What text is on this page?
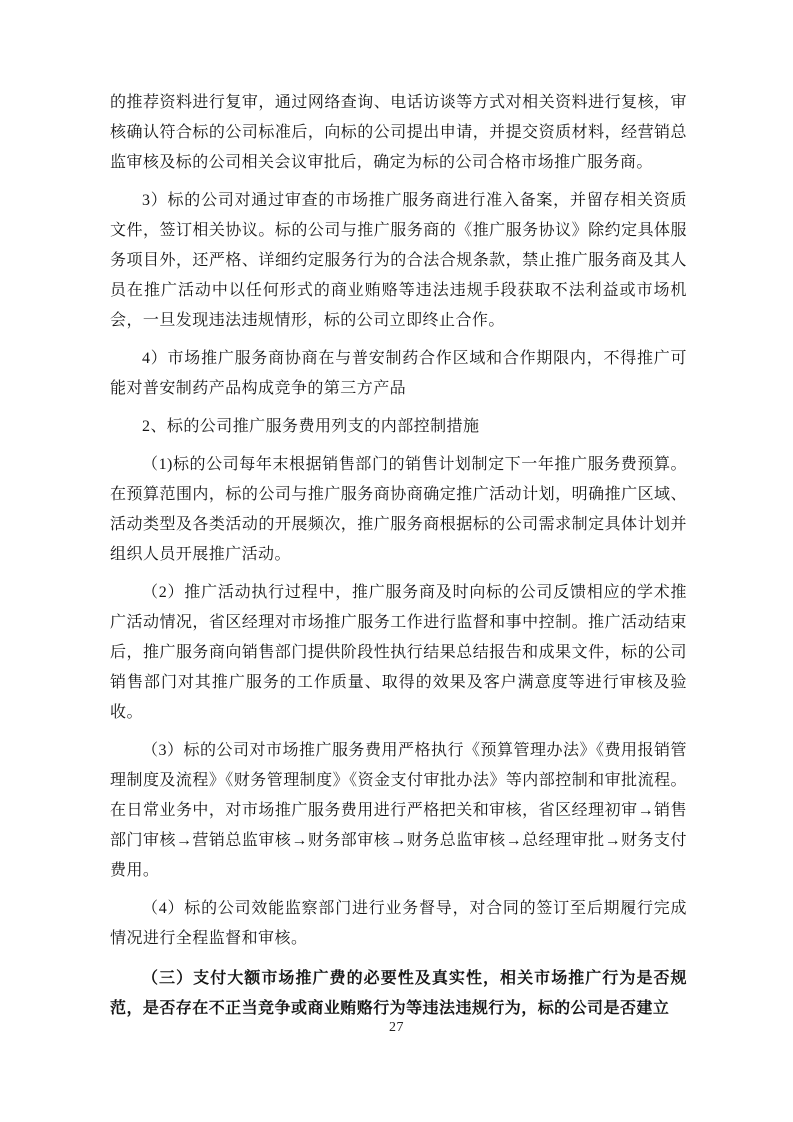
的推荐资料进行复审，通过网络查询、电话访谈等方式对相关资料进行复核，审核确认符合标的公司标准后，向标的公司提出申请，并提交资质材料，经营销总监审核及标的公司相关会议审批后，确定为标的公司合格市场推广服务商。

3）标的公司对通过审查的市场推广服务商进行准入备案，并留存相关资质文件，签订相关协议。标的公司与推广服务商的《推广服务协议》除约定具体服务项目外，还严格、详细约定服务行为的合法合规条款，禁止推广服务商及其人员在推广活动中以任何形式的商业贿赂等违法违规手段获取不法利益或市场机会，一旦发现违法违规情形，标的公司立即终止合作。

4）市场推广服务商协商在与普安制药合作区域和合作期限内，不得推广可能对普安制药产品构成竞争的第三方产品

2、标的公司推广服务费用列支的内部控制措施

（1)标的公司每年末根据销售部门的销售计划制定下一年推广服务费预算。在预算范围内，标的公司与推广服务商协商确定推广活动计划，明确推广区域、活动类型及各类活动的开展频次，推广服务商根据标的公司需求制定具体计划并组织人员开展推广活动。

（2）推广活动执行过程中，推广服务商及时向标的公司反馈相应的学术推广活动情况，省区经理对市场推广服务工作进行监督和事中控制。推广活动结束后，推广服务商向销售部门提供阶段性执行结果总结报告和成果文件，标的公司销售部门对其推广服务的工作质量、取得的效果及客户满意度等进行审核及验收。

（3）标的公司对市场推广服务费用严格执行《预算管理办法》《费用报销管理制度及流程》《财务管理制度》《资金支付审批办法》等内部控制和审批流程。在日常业务中，对市场推广服务费用进行严格把关和审核，省区经理初审→销售部门审核→营销总监审核→财务部审核→财务总监审核→总经理审批→财务支付费用。

（4）标的公司效能监察部门进行业务督导，对合同的签订至后期履行完成情况进行全程监督和审核。

（三）支付大额市场推广费的必要性及真实性，相关市场推广行为是否规范，是否存在不正当竞争或商业贿赂行为等违法违规行为，标的公司是否建立

27
